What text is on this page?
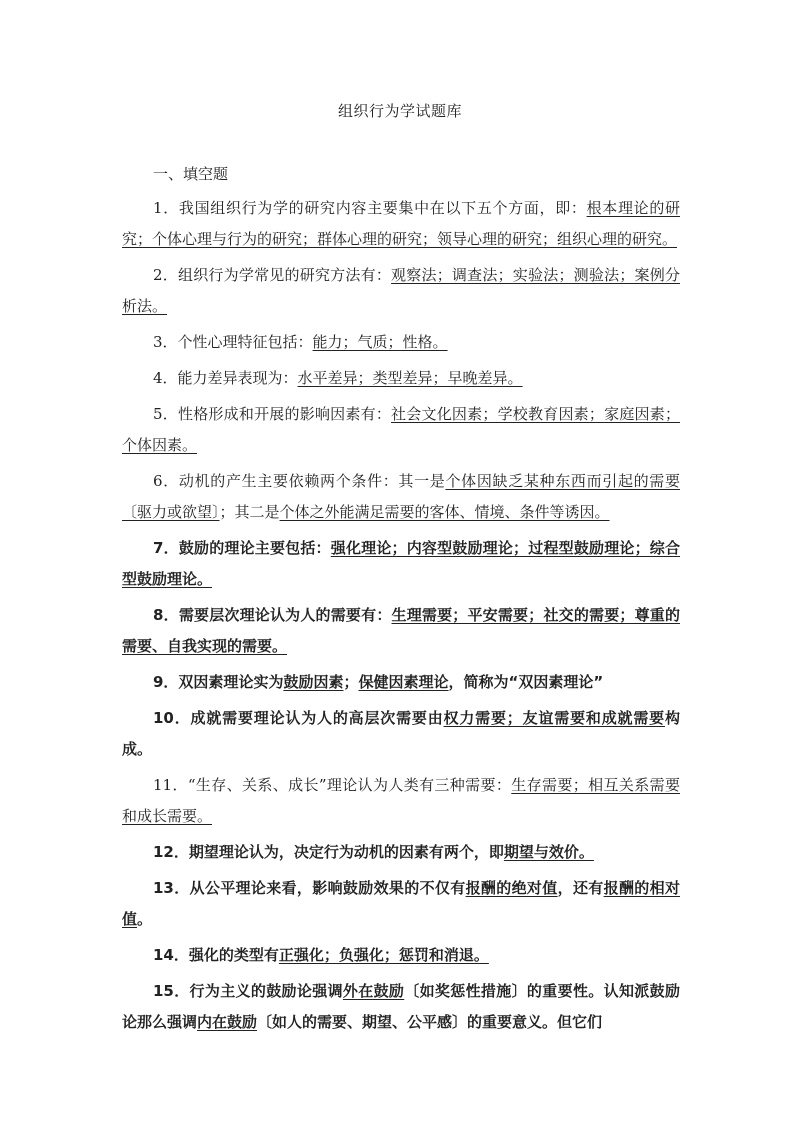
组织行为学试题库
一、填空题

1．我国组织行为学的研究内容主要集中在以下五个方面，即：根本理论的研究；个体心理与行为的研究；群体心理的研究；领导心理的研究；组织心理的研究。

2．组织行为学常见的研究方法有：观察法；调查法；实验法；测验法；案例分析法。

3．个性心理特征包括：能力；气质；性格。

4．能力差异表现为：水平差异；类型差异；早晚差异。

5．性格形成和开展的影响因素有：社会文化因素；学校教育因素；家庭因素；个体因素。

6．动机的产生主要依赖两个条件：其一是个体因缺乏某种东西而引起的需要〔驱力或欲望〕；其二是个体之外能满足需要的客体、情境、条件等诱因。

7．鼓励的理论主要包括：强化理论；内容型鼓励理论；过程型鼓励理论；综合型鼓励理论。

8．需要层次理论认为人的需要有：生理需要；平安需要；社交的需要；尊重的需要、自我实现的需要。

9．双因素理论实为鼓励因素；保健因素理论，简称为“双因素理论”

10．成就需要理论认为人的高层次需要由权力需要；友谊需要和成就需要构成。

11．“生存、关系、成长”理论认为人类有三种需要：生存需要；相互关系需要和成长需要。

12．期望理论认为，决定行为动机的因素有两个，即期望与效价。

13．从公平理论来看，影响鼓励效果的不仅有报酬的绝对值，还有报酬的相对值。

14．强化的类型有正强化；负强化；惩罚和消退。

15．行为主义的鼓励论强调外在鼓励〔如奖惩性措施〕的重要性。认知派鼓励论那么强调内在鼓励〔如人的需要、期望、公平感〕的重要意义。但它们
